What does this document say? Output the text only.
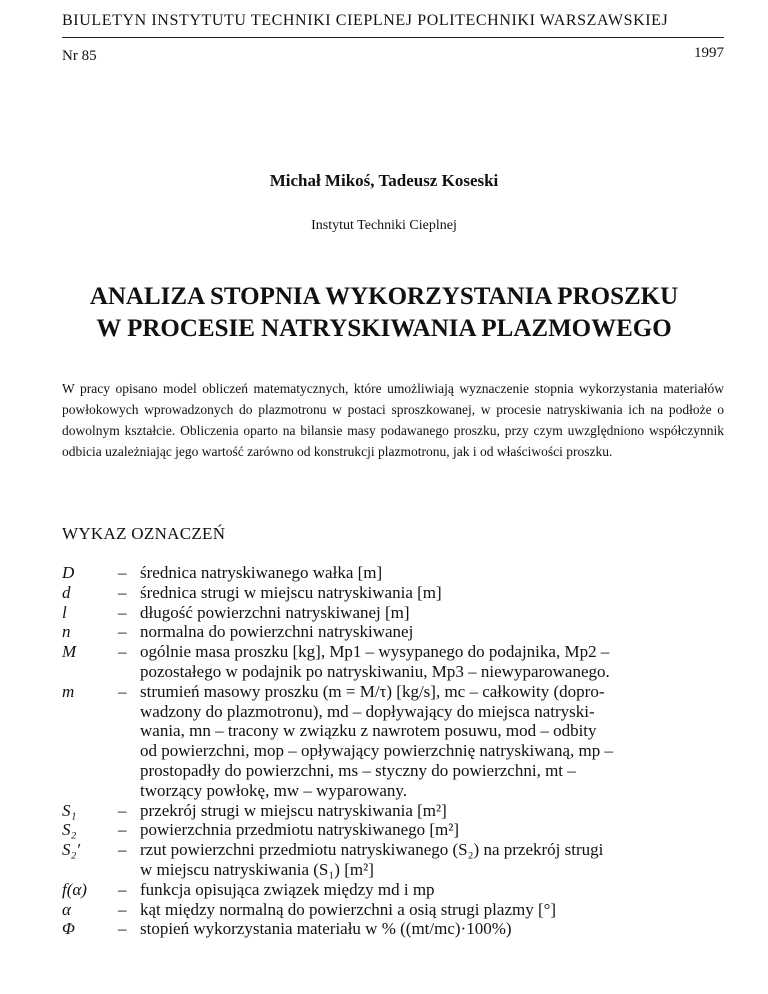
BIULETYN INSTYTUTU TECHNIKI CIEPLNEJ POLITECHNIKI WARSZAWSKIEJ
Nr 85	1997
Michał Mikoś, Tadeusz Koseski
Instytut Techniki Cieplnej
ANALIZA STOPNIA WYKORZYSTANIA PROSZKU
W PROCESIE NATRYSKIWANIA PLAZMOWEGO
W pracy opisano model obliczeń matematycznych, które umożliwiają wyznaczenie stopnia wykorzystania materiałów powłokowych wprowadzonych do plazmotronu w postaci sproszkowanej, w procesie natryskiwania ich na podłoże o dowolnym kształcie. Obliczenia oparto na bilansie masy podawanego proszku, przy czym uwzględniono współczynnik odbicia uzależniając jego wartość zarówno od konstrukcji plazmotronu, jak i od właściwości proszku.
WYKAZ OZNACZEŃ
D	– średnica natryskiwanego wałka [m]
d	– średnica strugi w miejscu natryskiwania [m]
l	– długość powierzchni natryskiwanej [m]
n	– normalna do powierzchni natryskiwanej
M	– ogólnie masa proszku [kg], Mp1 – wysypanego do podajnika, Mp2 –
pozostałego w podajnik po natryskiwaniu, Mp3 – niewyparowanego.
m	– strumień masowy proszku (m = M/τ) [kg/s], mc – całkowity (dopro-
wadzony do plazmotronu), md – dopływający do miejsca natryski-
wania, mn – tracony w związku z nawrotem posuwu, mod – odbity
od powierzchni, mop – opływający powierzchnię natryskiwaną, mp –
prostopadły do powierzchni, ms – styczny do powierzchni, mt –
tworzący powłokę, mw – wyparowany.
S₁	– przekrój strugi w miejscu natryskiwania [m²]
S₂	– powierzchnia przedmiotu natryskiwanego [m²]
S₂′	– rzut powierzchni przedmiotu natryskiwanego (S₂) na przekrój strugi
w miejscu natryskiwania (S₁) [m²]
f(α)	– funkcja opisująca związek między md i mp
α	– kąt między normalną do powierzchni a osią strugi plazmy [°]
Φ	– stopień wykorzystania materiału w % ((mt/mc)·100%)
